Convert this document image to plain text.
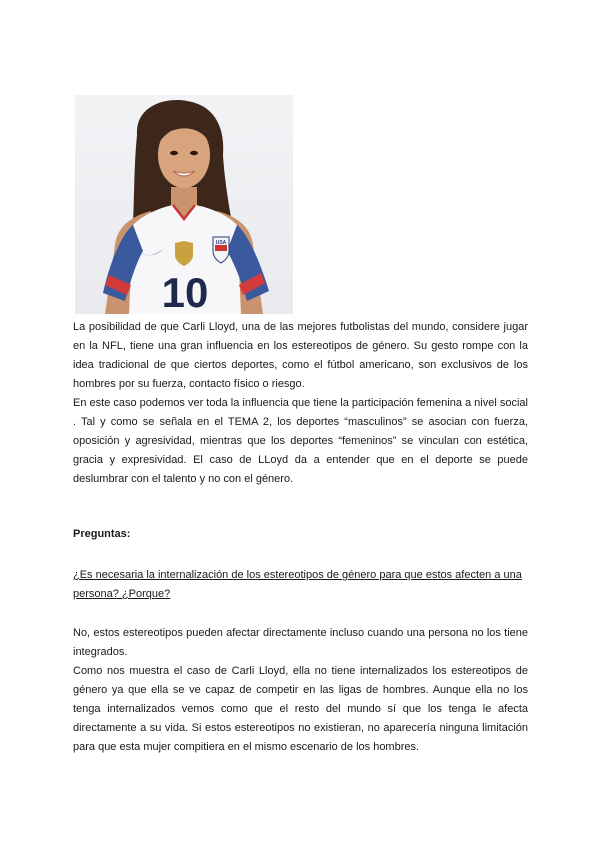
USA
10
La posibilidad de que Carli Lloyd, una de las mejores futbolistas del mundo, considere jugar en la NFL, tiene una gran influencia en los estereotipos de género. Su gesto rompe con la idea tradicional de que ciertos deportes, como el fútbol americano, son exclusivos de los hombres por su fuerza, contacto físico o riesgo.
En este caso podemos ver toda la influencia que tiene la participación femenina a nivel social . Tal y como se señala en el TEMA 2, los deportes “masculinos” se asocian con fuerza, oposición y agresividad, mientras que los deportes “femeninos” se vinculan con estética, gracia y expresividad. El caso de LLoyd da a entender que en el deporte se puede deslumbrar con el talento y no con el género.
Preguntas:
¿Es necesaria la internalización de los estereotipos de género para que estos afecten a una persona? ¿Porque?
No, estos estereotipos pueden afectar directamente incluso cuando una persona no los tiene integrados.
Como nos muestra el caso de Carli Lloyd, ella no tiene internalizados los estereotipos de género ya que ella se ve capaz de competir en las ligas de hombres. Aunque ella no los tenga internalizados vemos como que el resto del mundo sí que los tenga le afecta directamente a su vida. Si estos estereotipos no existieran, no aparecería ninguna limitación para que esta mujer compitiera en el mismo escenario de los hombres.
